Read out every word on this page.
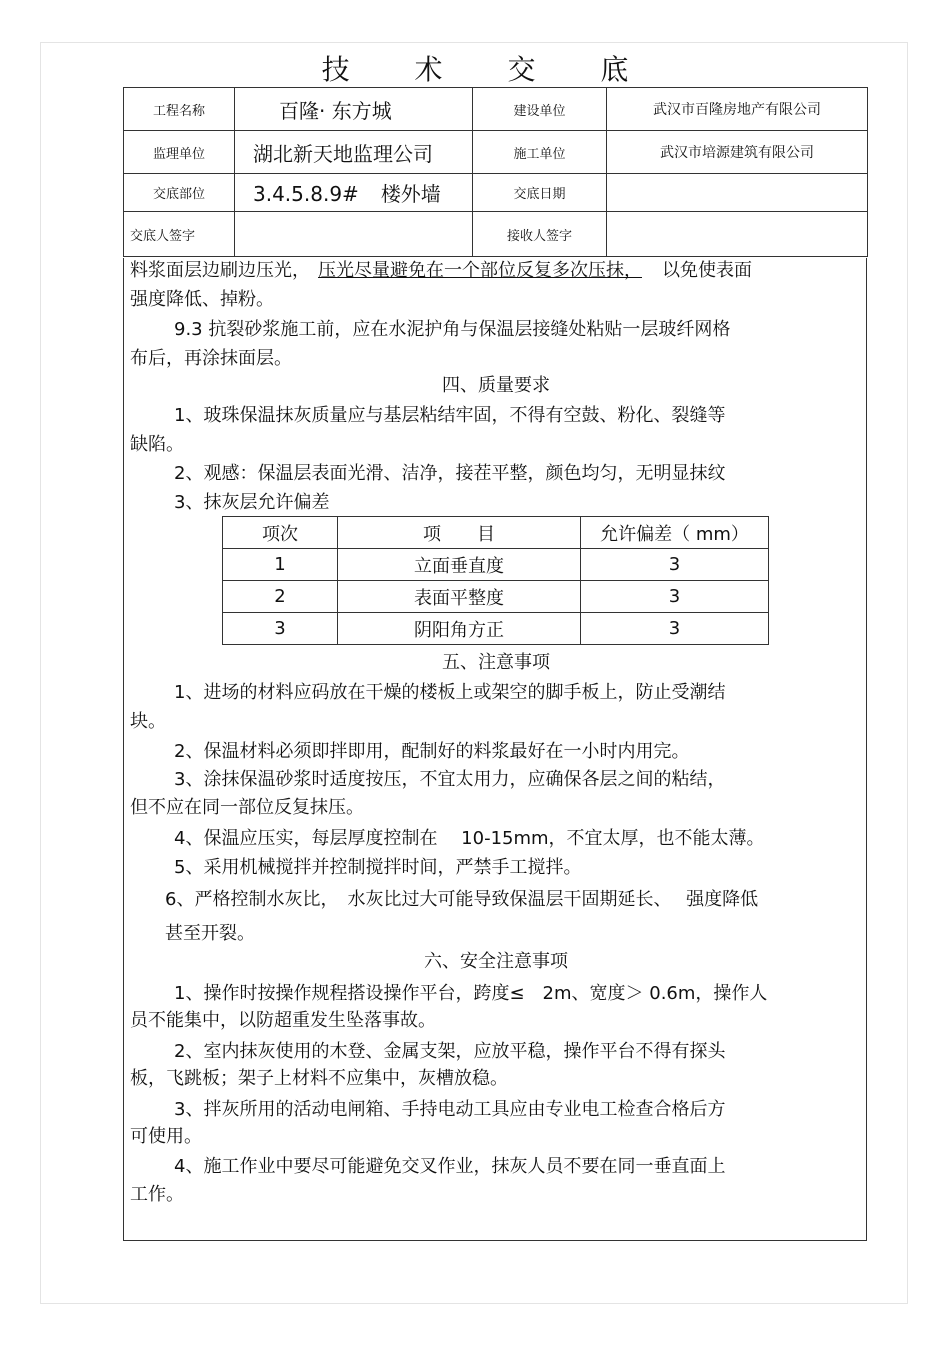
技 术 交 底
工程名称	百隆· 东方城	建设单位	武汉市百隆房地产有限公司
监理单位	湖北新天地监理公司	施工单位	武汉市培源建筑有限公司
交底部位	3.4.5.8.9# 楼外墙	交底日期	
交底人签字		接收人签字	
料浆面层边刷边压光， 压光尽量避免在一个部位反复多次压抹， 以免使表面
强度降低、掉粉。
9.3 抗裂砂浆施工前，应在水泥护角与保温层接缝处粘贴一层玻纤网格
布后，再涂抹面层。
四、质量要求
1、玻珠保温抹灰质量应与基层粘结牢固，不得有空鼓、粉化、裂缝等
缺陷。
2、观感：保温层表面光滑、洁净，接茬平整，颜色均匀，无明显抹纹
3、抹灰层允许偏差
项次	项　　目	允许偏差（ mm）
1	立面垂直度	3
2	表面平整度	3
3	阴阳角方正	3
五、注意事项
1、进场的材料应码放在干燥的楼板上或架空的脚手板上，防止受潮结
块。
2、保温材料必须即拌即用，配制好的料浆最好在一小时内用完。
3、涂抹保温砂浆时适度按压，不宜太用力，应确保各层之间的粘结，
但不应在同一部位反复抹压。
4、保温应压实，每层厚度控制在　 10-15mm，不宜太厚，也不能太薄。
5、采用机械搅拌并控制搅拌时间，严禁手工搅拌。
6、严格控制水灰比，　水灰比过大可能导致保温层干固期延长、　 强度降低
甚至开裂。
六、安全注意事项
1、操作时按操作规程搭设操作平台，跨度≤　2m、宽度＞ 0.6m，操作人
员不能集中，以防超重发生坠落事故。
2、室内抹灰使用的木登、金属支架，应放平稳，操作平台不得有探头
板，飞跳板；架子上材料不应集中，灰槽放稳。
3、拌灰所用的活动电闸箱、手持电动工具应由专业电工检查合格后方
可使用。
4、施工作业中要尽可能避免交叉作业，抹灰人员不要在同一垂直面上
工作。
